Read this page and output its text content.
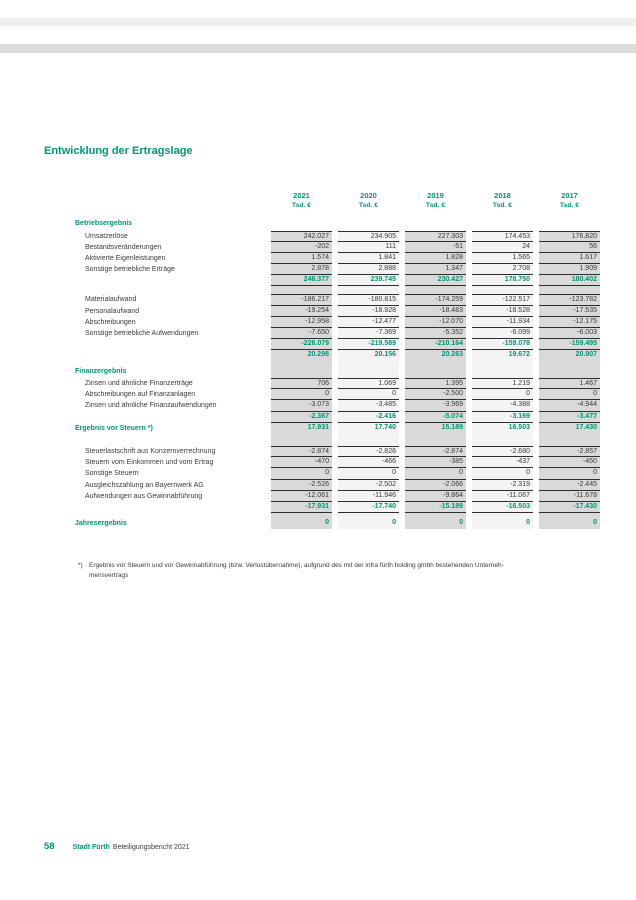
Entwicklung der Ertragslage
2021
Tsd. €
2020
Tsd. €
2019
Tsd. €
2018
Tsd. €
2017
Tsd. €
Betriebsergebnis
Umsatzerlöse	242.027	234.905	227.303	174.453	176.820
Bestandsveränderungen	-202	111	-51	24	56
Aktivierte Eigenleistungen	1.574	1.841	1.828	1.565	1.617
Sonstige betriebliche Erträge	2.878	2.888	1.347	2.708	1.909
246.377	239.745	230.427	178.750	180.402
Materialaufwand	-186.217	-180.815	-174.259	-122.517	-123.782
Personalaufwand	-19.254	-18.928	-18.483	-18.528	-17.535
Abschreibungen	-12.958	-12.477	-12.070	-11.934	-12.175
Sonstige betriebliche Aufwendungen	-7.650	-7.369	-5.352	-6.099	-6.003
-226.079	-219.589	-210.164	-159.078	-159.495
20.298	20.156	20.263	19.672	20.907
Finanzergebnis
Zinsen und ähnliche Finanzerträge	706	1.069	1.395	1.219	1.467
Abschreibungen auf Finanzanlagen	0	0	-2.500	0	0
Zinsen und ähnliche Finanzaufwendungen	-3.073	-3.485	-3.969	-4.388	-4.944
-2.367	-2.416	-5.074	-3.169	-3.477
Ergebnis vor Steuern *)	17.931	17.740	15.189	16.503	17.430
Steuerlastschrift aus Konzernverrechnung	-2.874	-2.826	-2.874	-2.680	-2.857
Steuern vom Einkommen und vom Ertrag	-470	-466	-385	-437	-450
Sonstige Steuern	0	0	0	0	0
Ausgleichszahlung an Bayernwerk AG	-2.526	-2.502	-2.066	-2.319	-2.445
Aufwendungen aus Gewinnabführung	-12.061	-11.946	-9.864	-11.067	-11.678
-17.931	-17.740	-15.189	-16.503	-17.430
Jahresergebnis	0	0	0	0	0
*) Ergebnis vor Steuern und vor Gewinnabführung (bzw. Verlustübernahme), aufgrund des mit der infra fürth holding gmbh bestehenden Unterneh-
mensvertrags
58	Stadt Fürth Beteiligungsbericht 2021
